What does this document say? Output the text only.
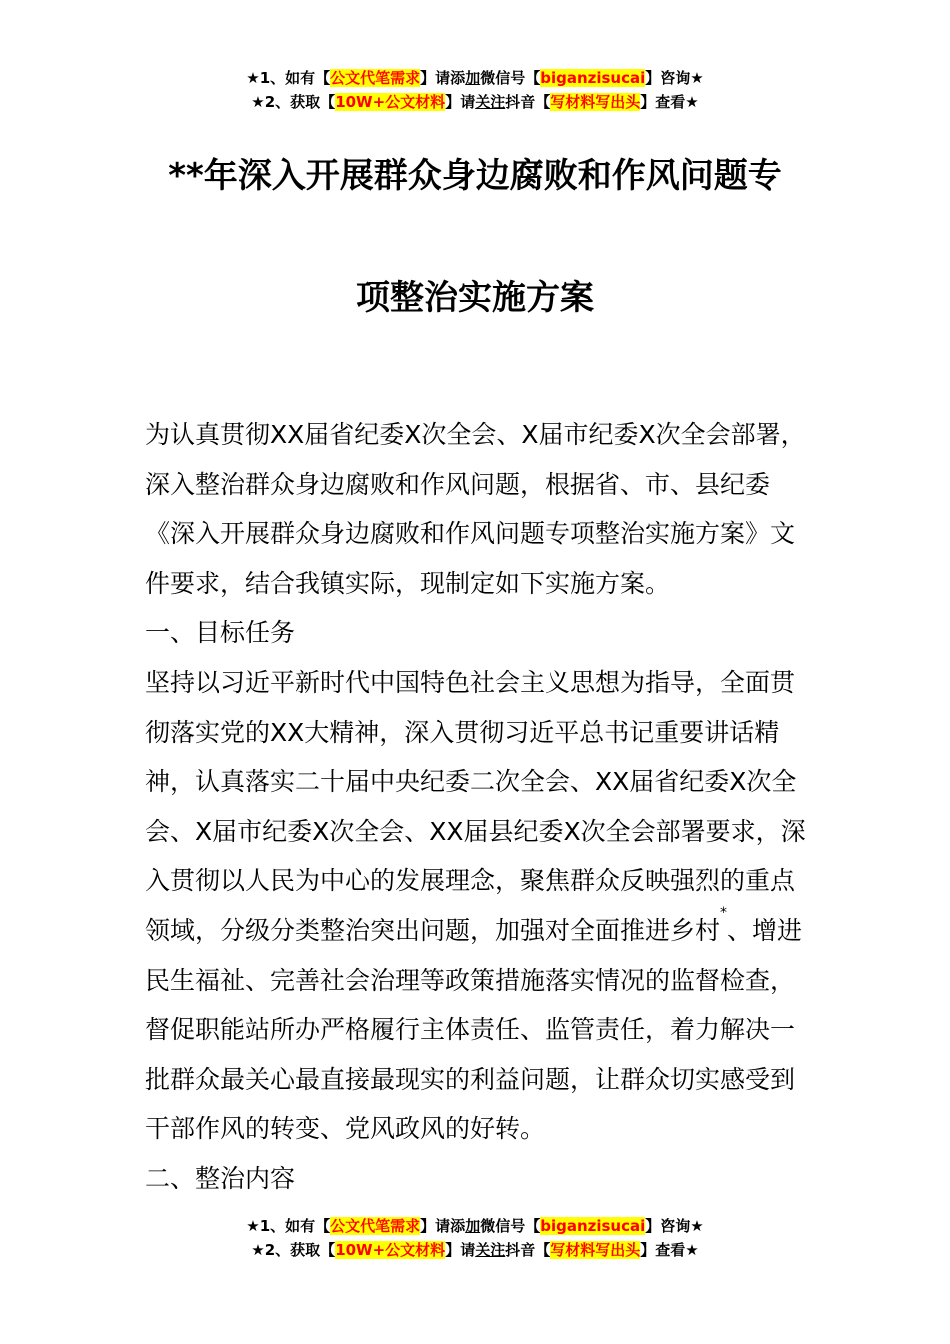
★1、如有【公文代笔需求】请添加微信号【biganzisucai】咨询★
★2、获取【10W+公文材料】请关注抖音【写材料写出头】查看★
**年深入开展群众身边腐败和作风问题专
项整治实施方案

为认真贯彻XX届省纪委X次全会、X届市纪委X次全会部署，深入整治群众身边腐败和作风问题，根据省、市、县纪委《深入开展群众身边腐败和作风问题专项整治实施方案》文件要求，结合我镇实际，现制定如下实施方案。

一、目标任务

坚持以习近平新时代中国特色社会主义思想为指导，全面贯彻落实党的XX大精神，深入贯彻习近平总书记重要讲话精神，认真落实二十届中央纪委二次全会、XX届省纪委X次全会、X届市纪委X次全会、XX届县纪委X次全会部署要求，深入贯彻以人民为中心的发展理念，聚焦群众反映强烈的重点领域，分级分类整治突出问题，加强对全面推进乡村*、增进民生福祉、完善社会治理等政策措施落实情况的监督检查，督促职能站所办严格履行主体责任、监管责任，着力解决一批群众最关心最直接最现实的利益问题，让群众切实感受到干部作风的转变、党风政风的好转。

二、整治内容

★1、如有【公文代笔需求】请添加微信号【biganzisucai】咨询★
★2、获取【10W+公文材料】请关注抖音【写材料写出头】查看★
